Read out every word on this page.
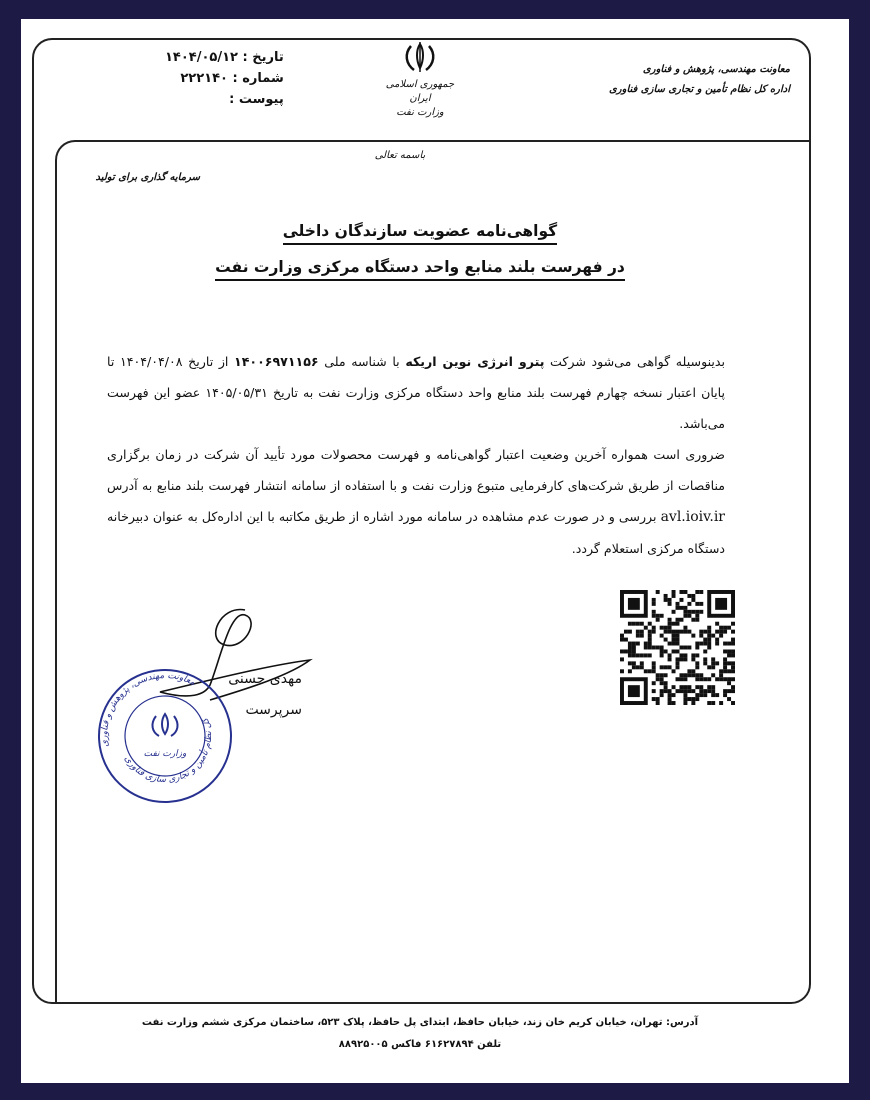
تاریخ : ۱۴۰۴/۰۵/۱۲
شماره : ۲۲۲۱۴۰
پیوست :
جمهوری اسلامی ایران
وزارت نفت
معاونت مهندسی، پژوهش و فناوری
اداره کل نظام تأمین و تجاری سازی فناوری
باسمه تعالی
سرمایه گذاری برای تولید
گواهی‌نامه عضویت سازندگان داخلی
در فهرست بلند منابع واحد دستگاه مرکزی وزارت نفت

بدینوسیله گواهی می‌شود شرکت پترو انرژی نوین اریکه با شناسه ملی ۱۴۰۰۶۹۷۱۱۵۶ از تاریخ ۱۴۰۴/۰۴/۰۸ تا پایان اعتبار نسخه چهارم فهرست بلند منابع واحد دستگاه مرکزی وزارت نفت به تاریخ ۱۴۰۵/۰۵/۳۱ عضو این فهرست می‌باشد.

ضروری است همواره آخرین وضعیت اعتبار گواهی‌نامه و فهرست محصولات مورد تأیید آن شرکت در زمان برگزاری مناقصات از طریق شرکت‌های کارفرمایی متبوع وزارت نفت و با استفاده از سامانه انتشار فهرست بلند منابع به آدرس avl.ioiv.ir بررسی و در صورت عدم مشاهده در سامانه مورد اشاره از طریق مکاتبه با این اداره‌کل به عنوان دبیرخانه دستگاه مرکزی استعلام گردد.

مهدی حسنی
سرپرست
معاونت مهندسی، پژوهش و فناوری
کل نظام تأمین و تجاری سازی فناوری
وزارت نفت
آدرس: تهران، خیابان کریم خان زند، خیابان حافظ، ابتدای پل حافظ، پلاک ۵۲۳، ساختمان مرکزی ششم وزارت نفت
تلفن ۶۱۶۲۷۸۹۴ فاکس ۸۸۹۲۵۰۰۵
